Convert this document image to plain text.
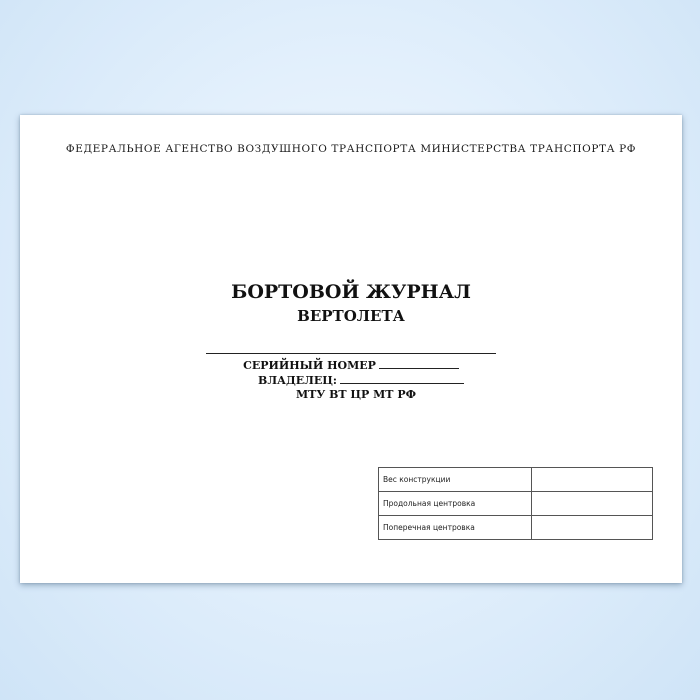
ФЕДЕРАЛЬНОЕ АГЕНСТВО ВОЗДУШНОГО ТРАНСПОРТА МИНИСТЕРСТВА ТРАНСПОРТА РФ
БОРТОВОЙ ЖУРНАЛ
ВЕРТОЛЕТА
СЕРИЙНЫЙ НОМЕР
ВЛАДЕЛЕЦ:
МТУ ВТ ЦР МТ РФ
Вес конструкции	
Продольная центровка	
Поперечная центровка	
